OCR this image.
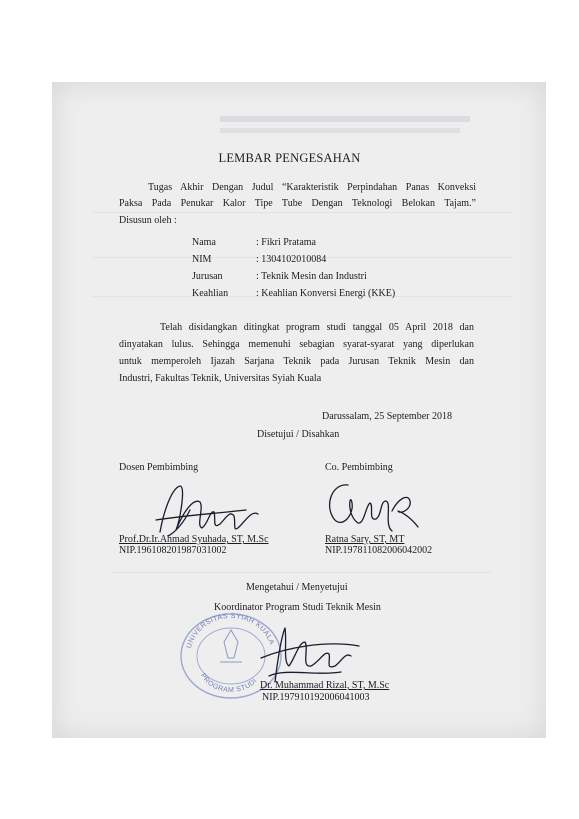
LEMBAR PENGESAHAN
Tugas Akhir Dengan Judul “Karakteristik Perpindahan Panas Konveksi
Paksa Pada Penukar Kalor Tipe Tube Dengan Teknologi Belokan Tajam.”
Disusun oleh :
Nama	: Fikri Pratama
NIM	: 1304102010084
Jurusan	: Teknik Mesin dan Industri
Keahlian	: Keahlian Konversi Energi (KKE)
Telah disidangkan ditingkat program studi tanggal 05 April 2018 dan
dinyatakan lulus. Sehingga memenuhi sebagian syarat-syarat yang diperlukan
untuk memperoleh Ijazah Sarjana Teknik pada Jurusan Teknik Mesin dan
Industri, Fakultas Teknik, Universitas Syiah Kuala
Darussalam, 25 September 2018
Disetujui / Disahkan
Dosen Pembimbing	Co. Pembimbing
Prof.Dr.Ir.Ahmad Syuhada, ST, M.Sc
NIP.196108201987031002
Ratna Sary, ST, MT
NIP.197811082006042002
Mengetahui / Menyetujui
Koordinator Program Studi Teknik Mesin
UNIVERSITAS SYIAH KUALA
PROGRAM STUDI Dr. Muhammad Rizal, ST, M.Sc
NIP.197910192006041003
